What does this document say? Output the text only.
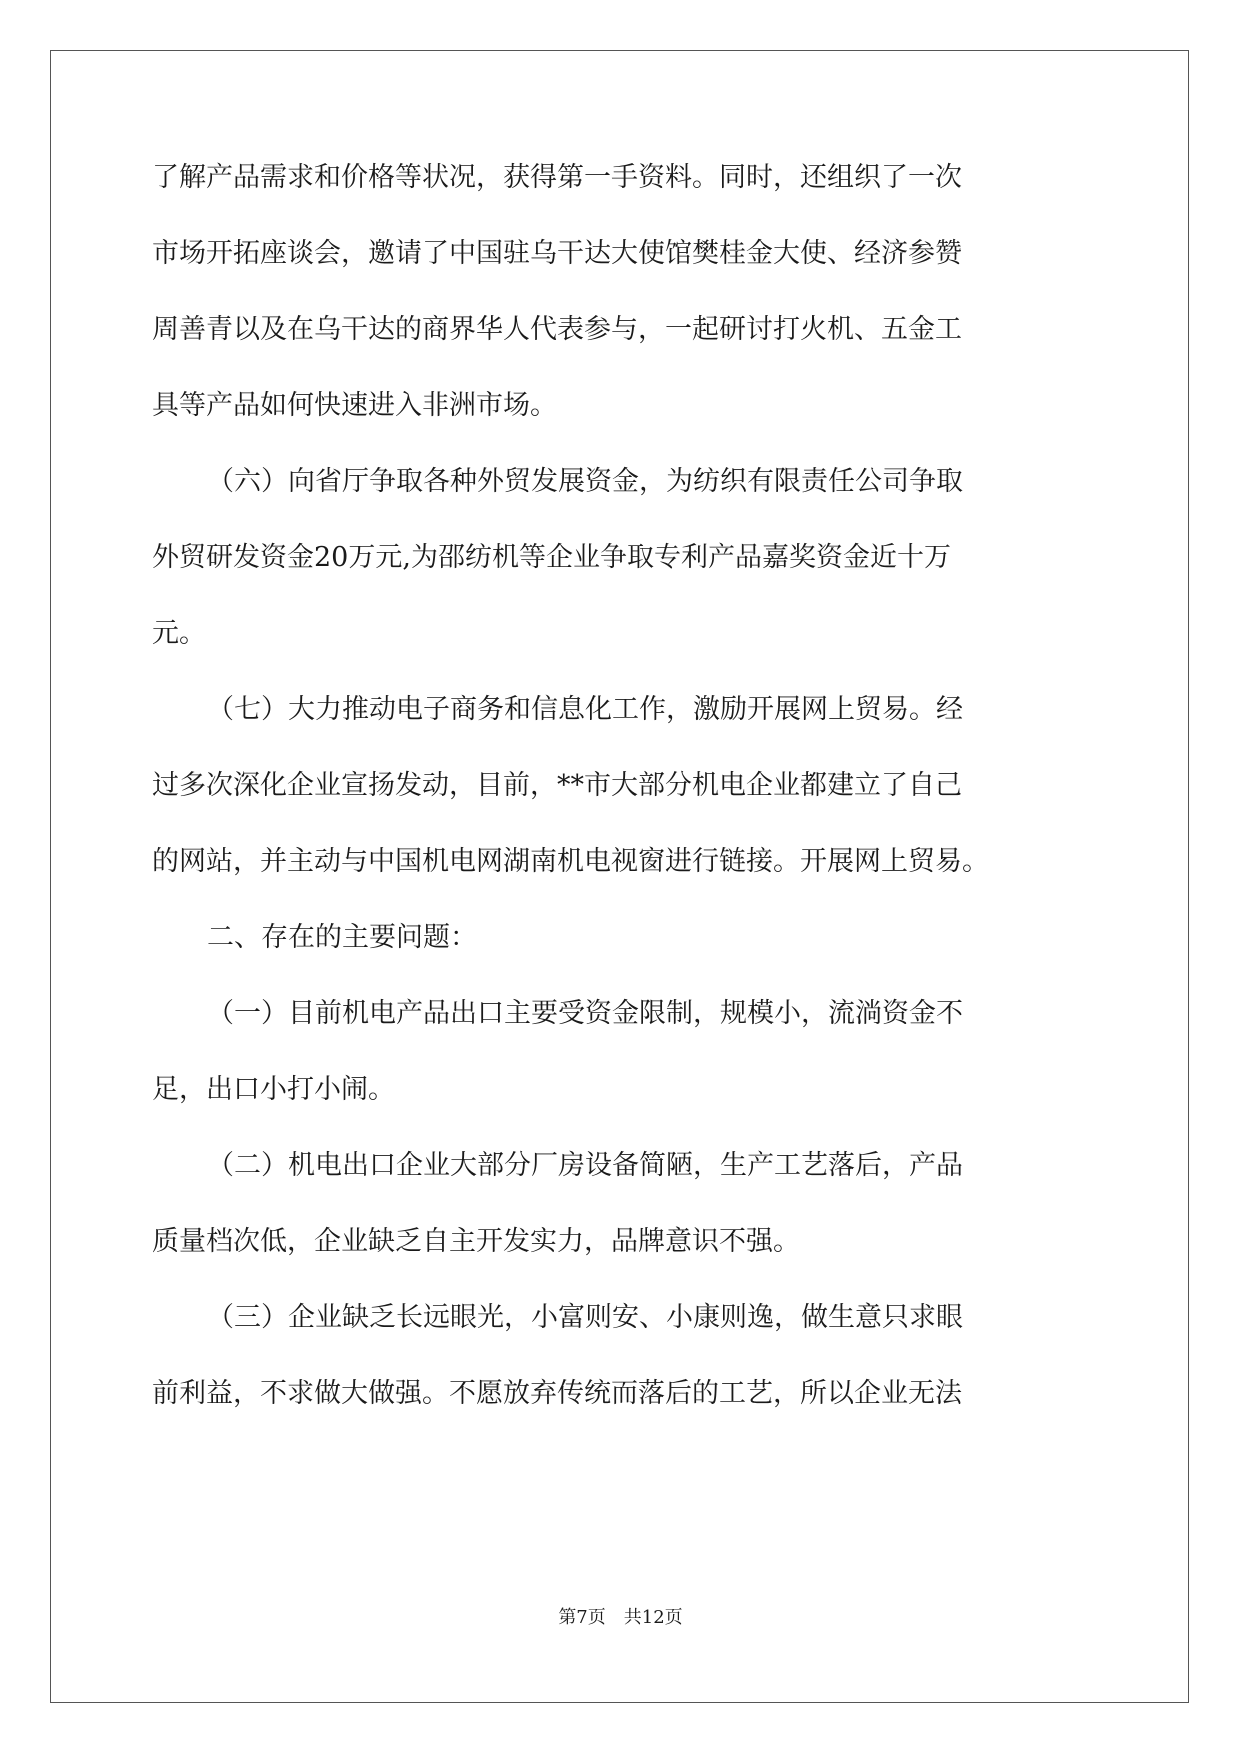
了解产品需求和价格等状况，获得第一手资料。同时，还组织了一次
市场开拓座谈会，邀请了中国驻乌干达大使馆樊桂金大使、经济参赞
周善青以及在乌干达的商界华人代表参与，一起研讨打火机、五金工
具等产品如何快速进入非洲市场。
（六）向省厅争取各种外贸发展资金，为纺织有限责任公司争取
外贸研发资金20万元,为邵纺机等企业争取专利产品嘉奖资金近十万
元。
（七）大力推动电子商务和信息化工作，激励开展网上贸易。经
过多次深化企业宣扬发动，目前，**市大部分机电企业都建立了自己
的网站，并主动与中国机电网湖南机电视窗进行链接。开展网上贸易。
二、存在的主要问题：
（一）目前机电产品出口主要受资金限制，规模小，流淌资金不
足，出口小打小闹。
（二）机电出口企业大部分厂房设备简陋，生产工艺落后，产品
质量档次低，企业缺乏自主开发实力，品牌意识不强。
（三）企业缺乏长远眼光，小富则安、小康则逸，做生意只求眼
前利益，不求做大做强。不愿放弃传统而落后的工艺，所以企业无法
第7页　共12页
